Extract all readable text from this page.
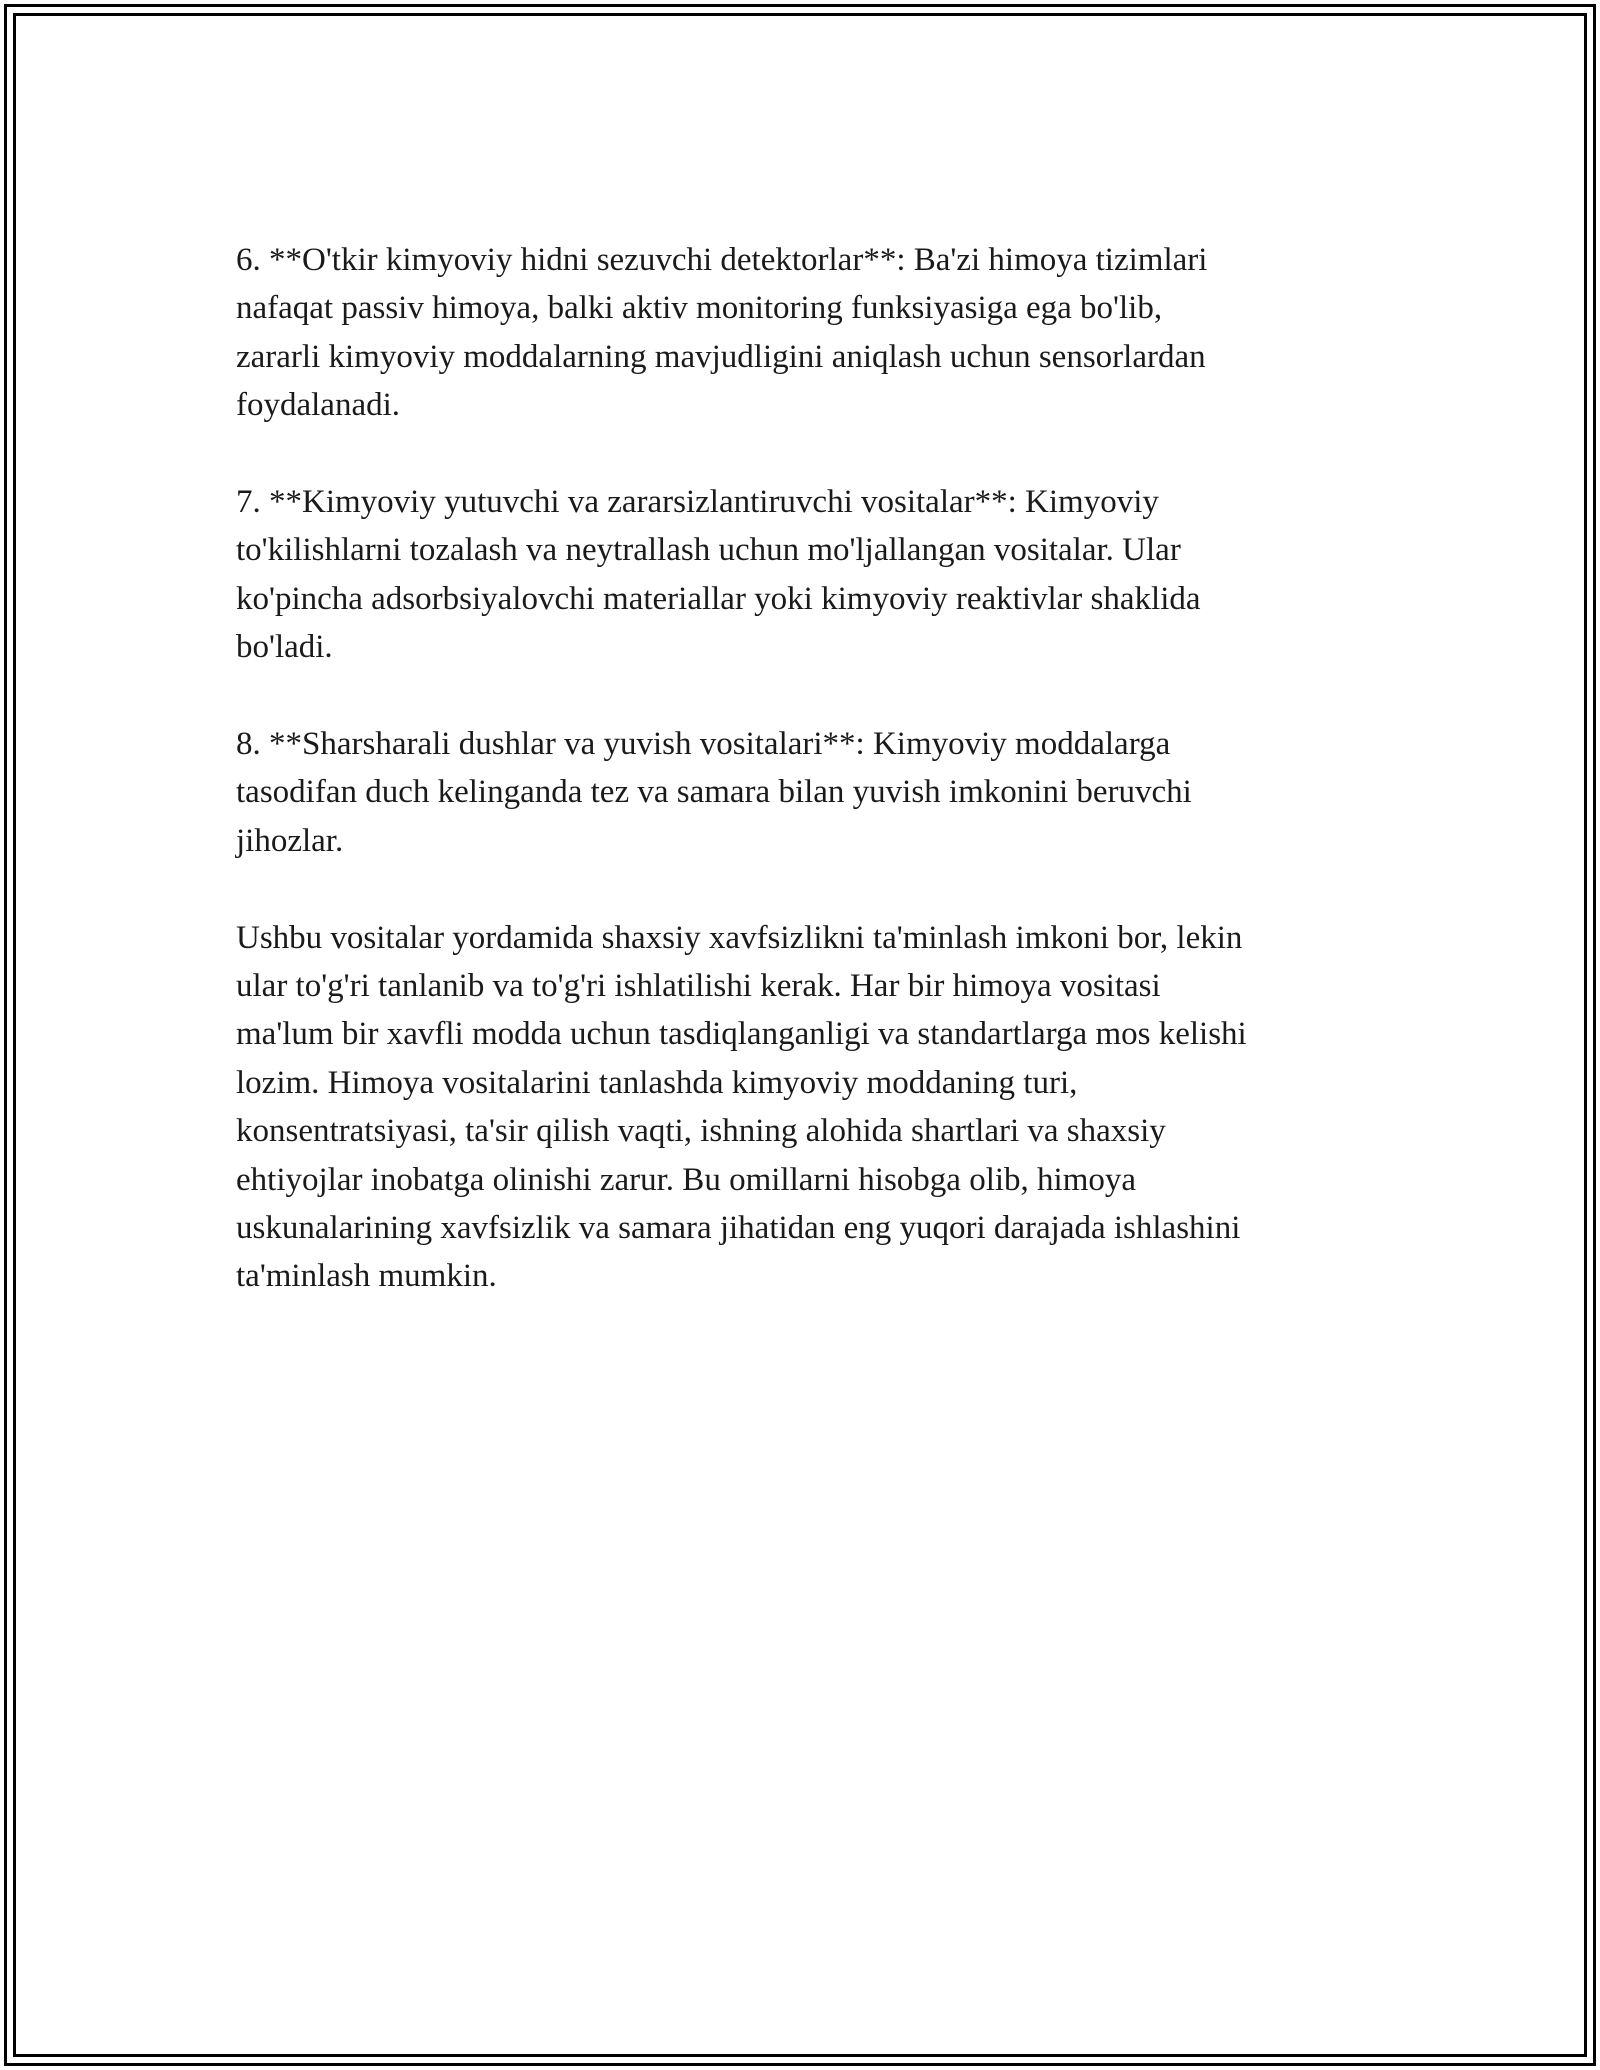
6. **O'tkir kimyoviy hidni sezuvchi detektorlar**: Ba'zi himoya tizimlari
nafaqat passiv himoya, balki aktiv monitoring funksiyasiga ega bo'lib,
zararli kimyoviy moddalarning mavjudligini aniqlash uchun sensorlardan
foydalanadi.

7. **Kimyoviy yutuvchi va zararsizlantiruvchi vositalar**: Kimyoviy
to'kilishlarni tozalash va neytrallash uchun mo'ljallangan vositalar. Ular
ko'pincha adsorbsiyalovchi materiallar yoki kimyoviy reaktivlar shaklida
bo'ladi.

8. **Sharsharali dushlar va yuvish vositalari**: Kimyoviy moddalarga
tasodifan duch kelinganda tez va samara bilan yuvish imkonini beruvchi
jihozlar.

Ushbu vositalar yordamida shaxsiy xavfsizlikni ta'minlash imkoni bor, lekin
ular to'g'ri tanlanib va to'g'ri ishlatilishi kerak. Har bir himoya vositasi
ma'lum bir xavfli modda uchun tasdiqlanganligi va standartlarga mos kelishi
lozim. Himoya vositalarini tanlashda kimyoviy moddaning turi,
konsentratsiyasi, ta'sir qilish vaqti, ishning alohida shartlari va shaxsiy
ehtiyojlar inobatga olinishi zarur. Bu omillarni hisobga olib, himoya
uskunalarining xavfsizlik va samara jihatidan eng yuqori darajada ishlashini
ta'minlash mumkin.
